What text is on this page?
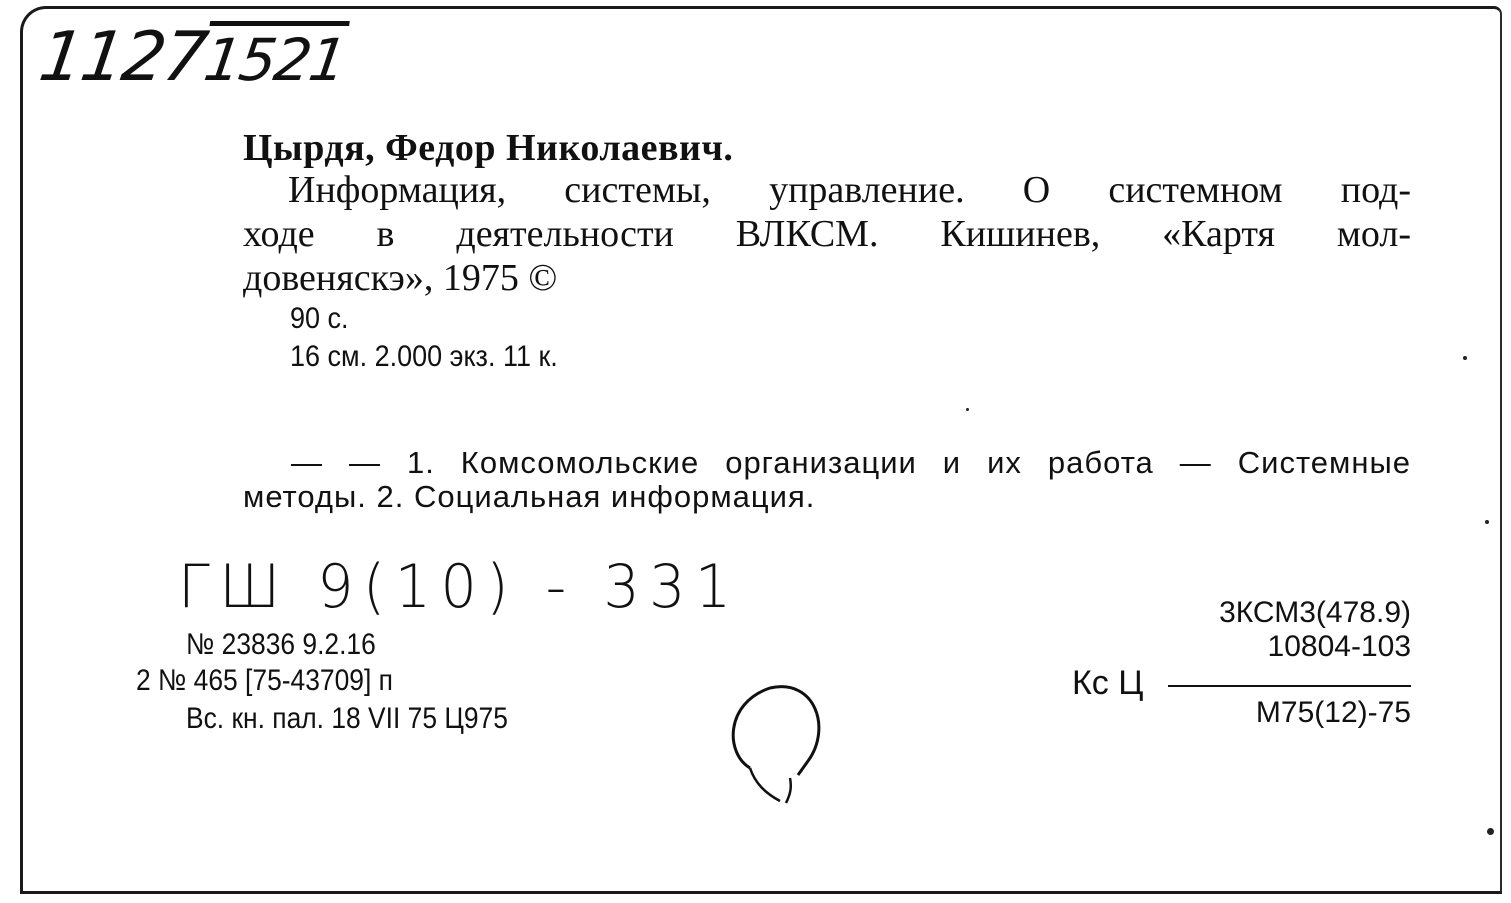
11271521
Цырдя, Федор Николаевич.
Информация, системы, управление. О системном под-
ходе в деятельности ВЛКСМ. Кишинев, «Картя мол-
довеняскэ», 1975 ©
90 с.
16 см. 2.000 экз. 11 к.
— — 1. Комсомольские организации и их работа — Системные
методы. 2. Социальная информация.
ГШ 9(10) - 331
№ 23836 9.2.16
2 № 465 [75-43709] п
Вс. кн. пал. 18 VII 75 Ц975
3КСМ3(478.9)
10804-103
Кс Ц
М75(12)-75
